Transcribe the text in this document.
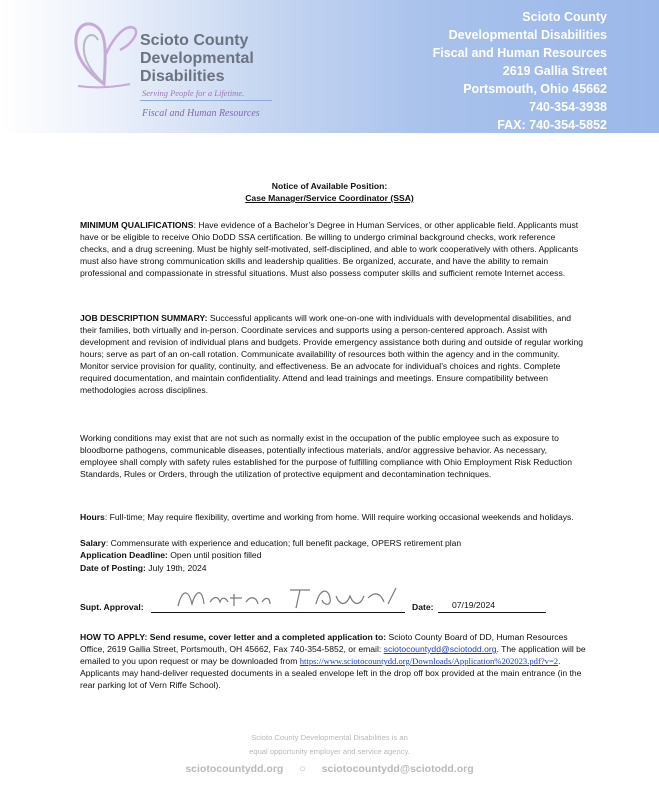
Scioto County
Developmental
Disabilities
Serving People for a Lifetime.
Fiscal and Human Resources
Scioto County
Developmental Disabilities
Fiscal and Human Resources
2619 Gallia Street
Portsmouth, Ohio 45662
740-354-3938
FAX: 740-354-5852
Notice of Available Position:
Case Manager/Service Coordinator (SSA)
MINIMUM QUALIFICATIONS: Have evidence of a Bachelor’s Degree in Human Services, or other applicable field. Applicants must have or be eligible to receive Ohio DoDD SSA certification. Be willing to undergo criminal background checks, work reference checks, and a drug screening. Must be highly self-motivated, self-disciplined, and able to work cooperatively with others. Applicants must also have strong communication skills and leadership qualities. Be organized, accurate, and have the ability to remain professional and compassionate in stressful situations. Must also possess computer skills and sufficient remote Internet access.
JOB DESCRIPTION SUMMARY: Successful applicants will work one-on-one with individuals with developmental disabilities, and their families, both virtually and in-person. Coordinate services and supports using a person-centered approach. Assist with development and revision of individual plans and budgets. Provide emergency assistance both during and outside of regular working hours; serve as part of an on-call rotation. Communicate availability of resources both within the agency and in the community. Monitor service provision for quality, continuity, and effectiveness. Be an advocate for individual’s choices and rights. Complete required documentation, and maintain confidentiality. Attend and lead trainings and meetings. Ensure compatibility between methodologies across disciplines.
Working conditions may exist that are not such as normally exist in the occupation of the public employee such as exposure to bloodborne pathogens, communicable diseases, potentially infectious materials, and/or aggressive behavior. As necessary, employee shall comply with safety rules established for the purpose of fulfilling compliance with Ohio Employment Risk Reduction Standards, Rules or Orders, through the utilization of protective equipment and decontamination techniques.
Hours: Full-time; May require flexibility, overtime and working from home. Will require working occasional weekends and holidays.
Salary: Commensurate with experience and education; full benefit package, OPERS retirement plan
Application Deadline: Open until position filled
Date of Posting: July 19th, 2024
Supt. Approval:	Date: 07/19/2024
HOW TO APPLY: Send resume, cover letter and a completed application to: Scioto County Board of DD, Human Resources Office, 2619 Gallia Street, Portsmouth, OH 45662, Fax 740-354-5852, or email: sciotocountydd@sciotodd.org. The application will be emailed to you upon request or may be downloaded from https://www.sciotocountydd.org/Downloads/Application%202023.pdf?v=2. Applicants may hand-deliver requested documents in a sealed envelope left in the drop off box provided at the main entrance (in the rear parking lot of Vern Riffe School).
Scioto County Developmental Disabilities is an
equal opportunity employer and service agency.
sciotocountydd.org ○ sciotocountydd@sciotodd.org
